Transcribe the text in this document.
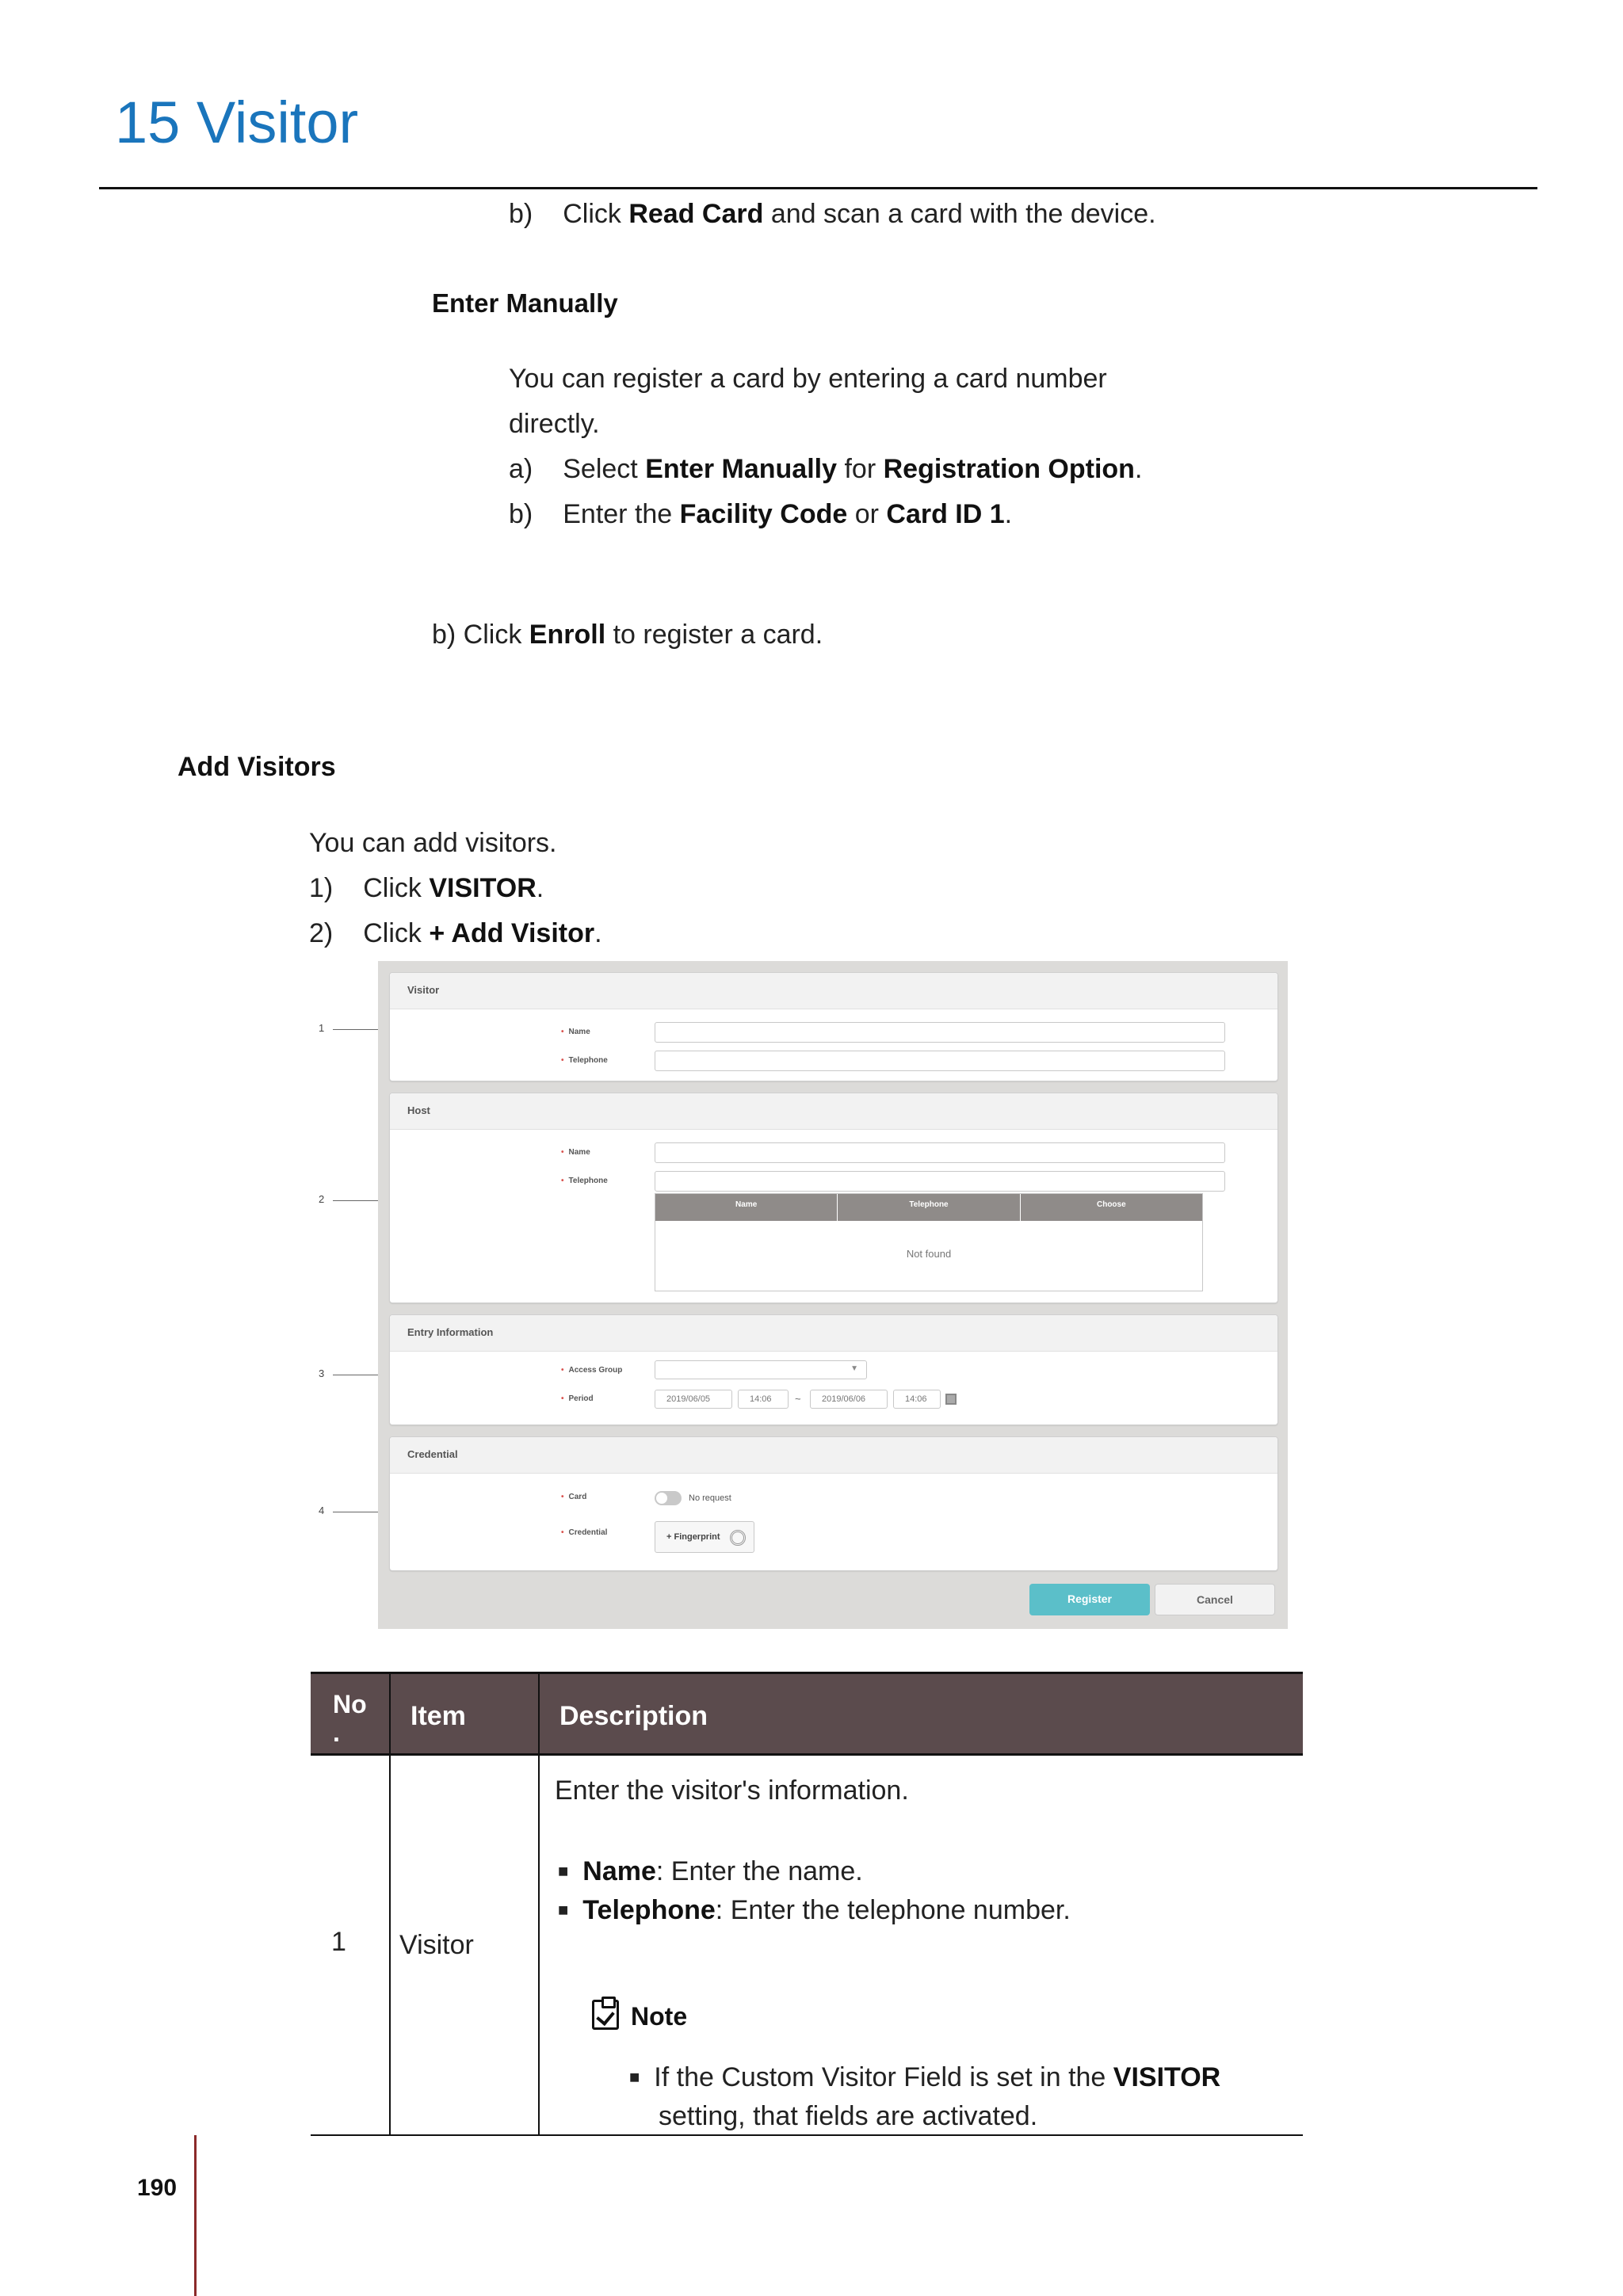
15 Visitor
b) Click Read Card and scan a card with the device.
Enter Manually
You can register a card by entering a card number
directly.
a) Select Enter Manually for Registration Option.
b) Enter the Facility Code or Card ID 1.
b) Click Enroll to register a card.
Add Visitors
You can add visitors.
1) Click VISITOR.
2) Click + Add Visitor.
1
2
3
4
Visitor
• Name
• Telephone
Host
• Name
• Telephone
Name	Telephone	Choose
Not found
Entry Information
• Access Group	▼
• Period	2019/06/05	14:06	~	2019/06/06	14:06
Credential
• Card	No request
• Credential	+ Fingerprint
Register	Cancel
No
.
Item	Description
1 Visitor
Enter the visitor's information.
■ Name: Enter the name.
■ Telephone: Enter the telephone number.
Note
■ If the Custom Visitor Field is set in the VISITOR
setting, that fields are activated.
190
